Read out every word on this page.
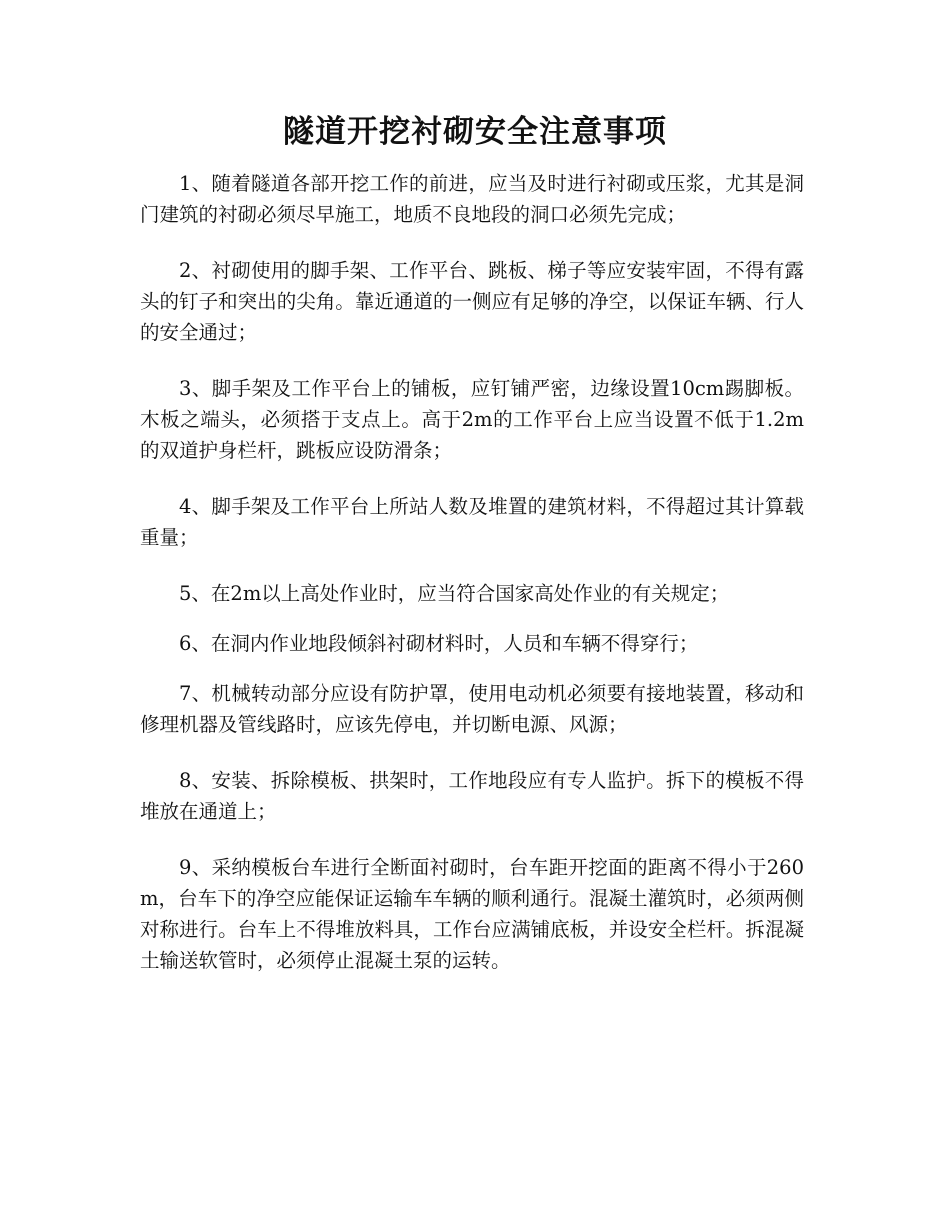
隧道开挖衬砌安全注意事项

1、随着隧道各部开挖工作的前进，应当及时进行衬砌或压浆，尤其是洞门建筑的衬砌必须尽早施工，地质不良地段的洞口必须先完成；

2、衬砌使用的脚手架、工作平台、跳板、梯子等应安装牢固，不得有露头的钉子和突出的尖角。靠近通道的一侧应有足够的净空，以保证车辆、行人的安全通过；

3、脚手架及工作平台上的铺板，应钉铺严密，边缘设置10cm踢脚板。木板之端头，必须搭于支点上。高于2m的工作平台上应当设置不低于1.2m的双道护身栏杆，跳板应设防滑条；

4、脚手架及工作平台上所站人数及堆置的建筑材料，不得超过其计算载重量；

5、在2m以上高处作业时，应当符合国家高处作业的有关规定；

6、在洞内作业地段倾斜衬砌材料时，人员和车辆不得穿行；

7、机械转动部分应设有防护罩，使用电动机必须要有接地装置，移动和修理机器及管线路时，应该先停电，并切断电源、风源；

8、安装、拆除模板、拱架时，工作地段应有专人监护。拆下的模板不得堆放在通道上；

9、采纳模板台车进行全断面衬砌时，台车距开挖面的距离不得小于260m，台车下的净空应能保证运输车车辆的顺利通行。混凝土灌筑时，必须两侧对称进行。台车上不得堆放料具，工作台应满铺底板，并设安全栏杆。拆混凝土输送软管时，必须停止混凝土泵的运转。
